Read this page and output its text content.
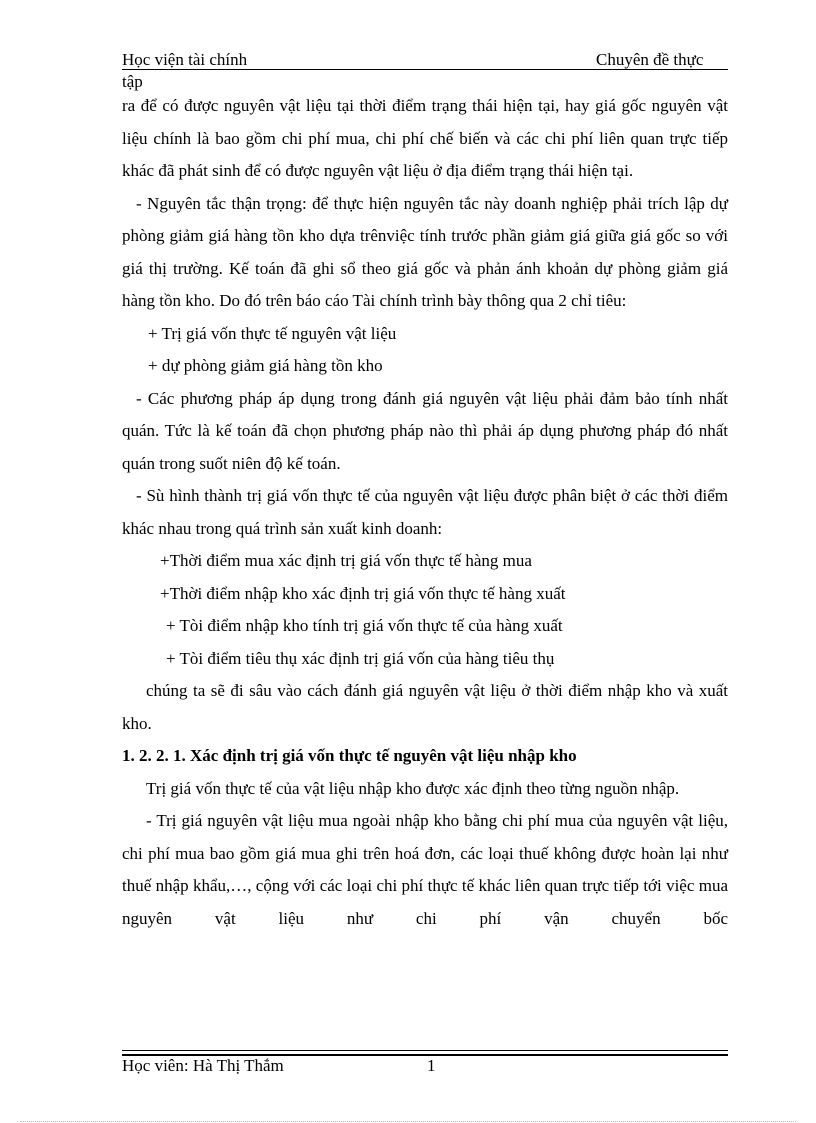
Học viện tài chính	Chuyên đề thực
tập

ra để có được nguyên vật liệu tại thời điểm trạng thái hiện tại, hay giá gốc nguyên vật liệu chính là bao gồm chi phí mua, chi phí chế biến và các chi phí liên quan trực tiếp khác đã phát sinh để có được nguyên vật liệu ở địa điểm trạng thái hiện tại.

- Nguyên tắc thận trọng: để thực hiện nguyên tắc này doanh nghiệp phải trích lập dự phòng giảm giá hàng tồn kho dựa trênviệc tính trước phần giảm giá giữa giá gốc so với giá thị trường. Kế toán đã ghi sổ theo giá gốc và phản ánh khoản dự phòng giảm giá hàng tồn kho. Do đó trên báo cáo Tài chính trình bày thông qua 2 chỉ tiêu:

+ Trị giá vốn thực tế nguyên vật liệu

+ dự phòng giảm giá hàng tồn kho

- Các phương pháp áp dụng trong đánh giá nguyên vật liệu phải đảm bảo tính nhất quán. Tức là kế toán đã chọn phương pháp nào thì phải áp dụng phương pháp đó nhất quán trong suốt niên độ kế toán.

- Sù hình thành trị giá vốn thực tế của nguyên vật liệu được phân biệt ở các thời điểm khác nhau trong quá trình sản xuất kinh doanh:

+Thời điểm mua xác định trị giá vốn thực tế hàng mua

+Thời điểm nhập kho xác định trị giá vốn thực tế hàng xuất

+ Tòi điểm nhập kho tính trị giá vốn thực tế của hàng xuất

+ Tòi điểm tiêu thụ xác định trị giá vốn của hàng tiêu thụ

chúng ta sẽ đi sâu vào cách đánh giá nguyên vật liệu ở thời điểm nhập kho và xuất kho.

1. 2. 2. 1. Xác định trị giá vốn thực tế nguyên vật liệu nhập kho

Trị giá vốn thực tế của vật liệu nhập kho được xác định theo từng nguồn nhập.

- Trị giá nguyên vật liệu mua ngoài nhập kho bằng chi phí mua của nguyên vật liệu, chi phí mua bao gồm giá mua ghi trên hoá đơn, các loại thuế không được hoàn lại như thuế nhập khẩu,…, cộng với các loại chi phí thực tế khác liên quan trực tiếp tới việc mua nguyên vật liệu như chi phí vận chuyển bốc

Học viên: Hà Thị Thắm	1
